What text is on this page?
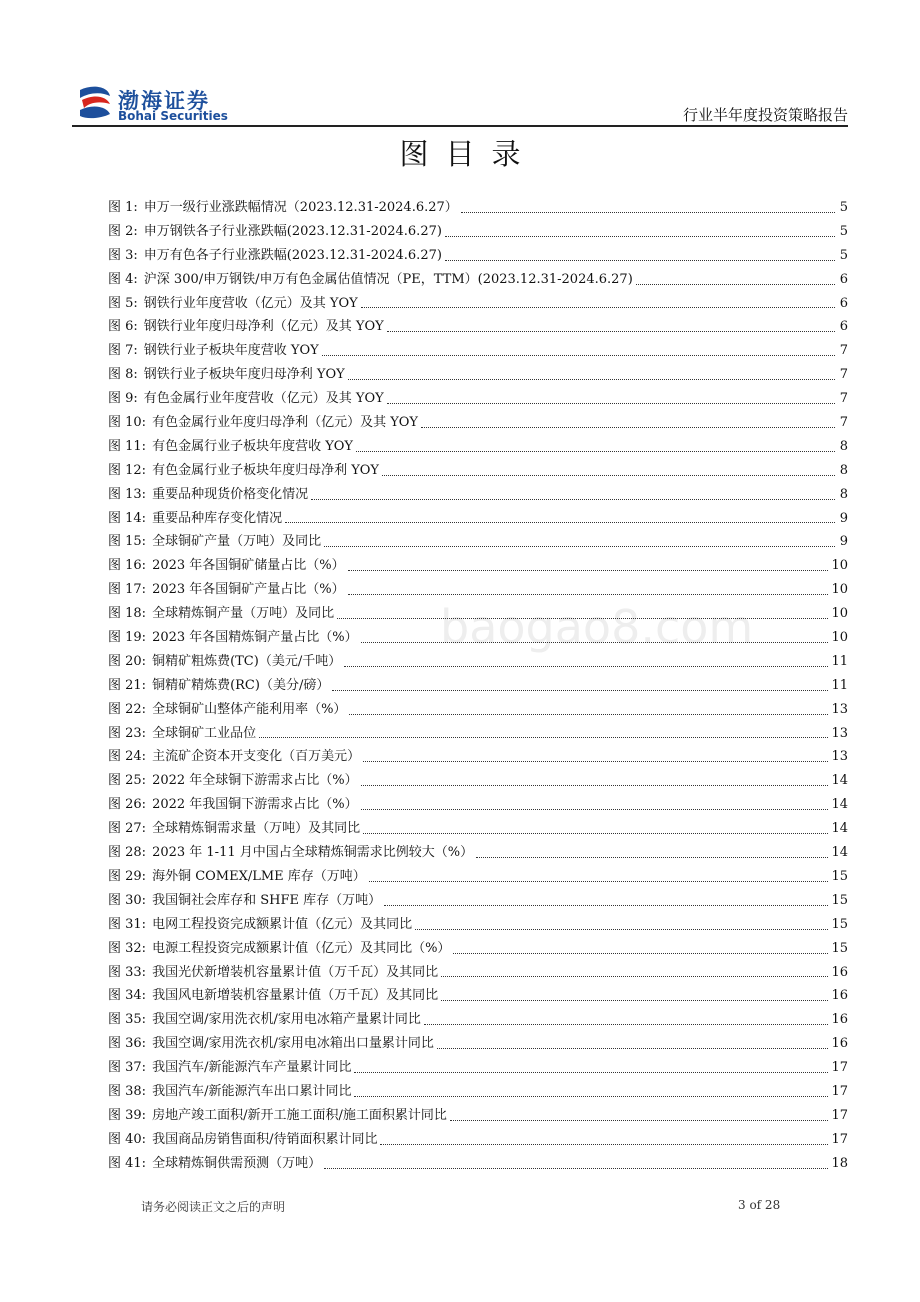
渤海证券
Bohai Securities	行业半年度投资策略报告
图目录
baogao8.com
图 1: 申万一级行业涨跌幅情况（2023.12.31-2024.6.27）	5
图 2: 申万钢铁各子行业涨跌幅(2023.12.31-2024.6.27)	5
图 3: 申万有色各子行业涨跌幅(2023.12.31-2024.6.27)	5
图 4: 沪深 300/申万钢铁/申万有色金属估值情况（PE，TTM）(2023.12.31-2024.6.27)	6
图 5: 钢铁行业年度营收（亿元）及其 YOY	6
图 6: 钢铁行业年度归母净利（亿元）及其 YOY	6
图 7: 钢铁行业子板块年度营收 YOY	7
图 8: 钢铁行业子板块年度归母净利 YOY	7
图 9: 有色金属行业年度营收（亿元）及其 YOY	7
图 10: 有色金属行业年度归母净利（亿元）及其 YOY	7
图 11: 有色金属行业子板块年度营收 YOY	8
图 12: 有色金属行业子板块年度归母净利 YOY	8
图 13: 重要品种现货价格变化情况	8
图 14: 重要品种库存变化情况	9
图 15: 全球铜矿产量（万吨）及同比	9
图 16: 2023 年各国铜矿储量占比（%）	10
图 17: 2023 年各国铜矿产量占比（%）	10
图 18: 全球精炼铜产量（万吨）及同比	10
图 19: 2023 年各国精炼铜产量占比（%）	10
图 20: 铜精矿粗炼费(TC)（美元/千吨）	11
图 21: 铜精矿精炼费(RC)（美分/磅）	11
图 22: 全球铜矿山整体产能利用率（%）	13
图 23: 全球铜矿工业品位	13
图 24: 主流矿企资本开支变化（百万美元）	13
图 25: 2022 年全球铜下游需求占比（%）	14
图 26: 2022 年我国铜下游需求占比（%）	14
图 27: 全球精炼铜需求量（万吨）及其同比	14
图 28: 2023 年 1-11 月中国占全球精炼铜需求比例较大（%）	14
图 29: 海外铜 COMEX/LME 库存（万吨）	15
图 30: 我国铜社会库存和 SHFE 库存（万吨）	15
图 31: 电网工程投资完成额累计值（亿元）及其同比	15
图 32: 电源工程投资完成额累计值（亿元）及其同比（%）	15
图 33: 我国光伏新增装机容量累计值（万千瓦）及其同比	16
图 34: 我国风电新增装机容量累计值（万千瓦）及其同比	16
图 35: 我国空调/家用洗衣机/家用电冰箱产量累计同比	16
图 36: 我国空调/家用洗衣机/家用电冰箱出口量累计同比	16
图 37: 我国汽车/新能源汽车产量累计同比	17
图 38: 我国汽车/新能源汽车出口累计同比	17
图 39: 房地产竣工面积/新开工施工面积/施工面积累计同比	17
图 40: 我国商品房销售面积/待销面积累计同比	17
图 41: 全球精炼铜供需预测（万吨）	18
请务必阅读正文之后的声明	3 of 28
